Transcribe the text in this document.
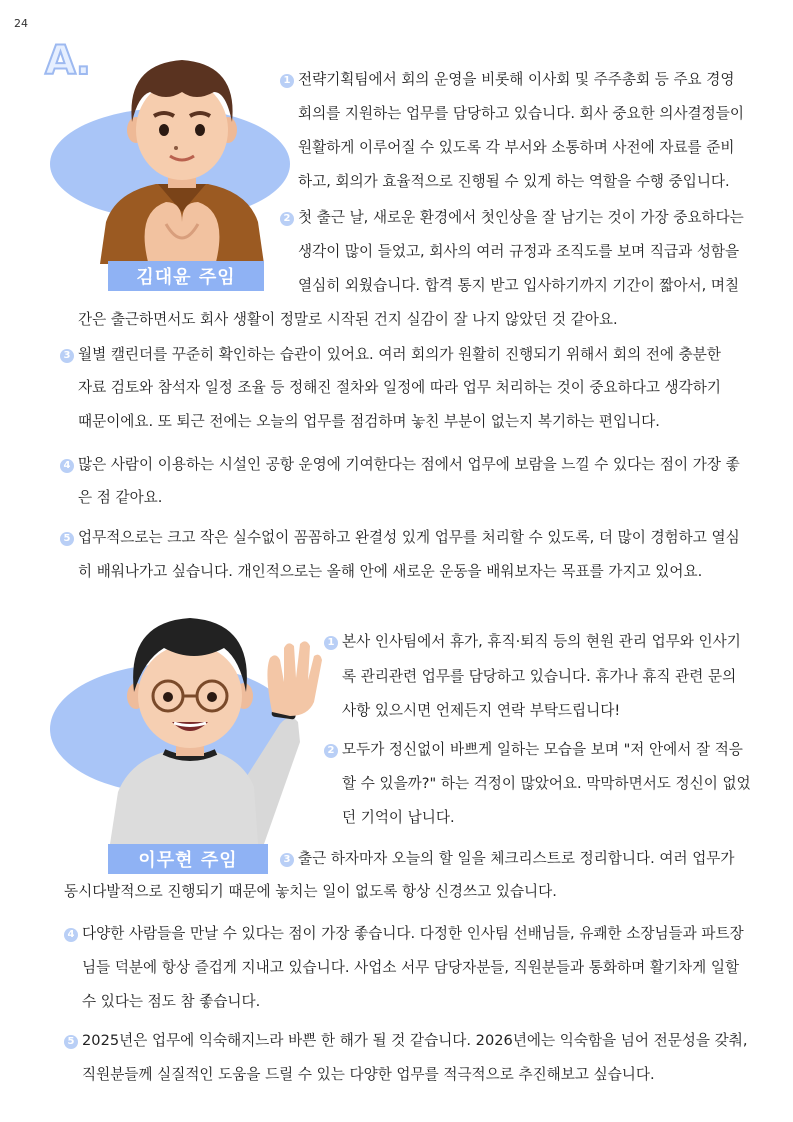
24
A.
김대윤 주임
1 전략기획팀에서 회의 운영을 비롯해 이사회 및 주주총회 등 주요 경영
회의를 지원하는 업무를 담당하고 있습니다. 회사 중요한 의사결정들이
원활하게 이루어질 수 있도록 각 부서와 소통하며 사전에 자료를 준비
하고, 회의가 효율적으로 진행될 수 있게 하는 역할을 수행 중입니다.
2 첫 출근 날, 새로운 환경에서 첫인상을 잘 남기는 것이 가장 중요하다는
생각이 많이 들었고, 회사의 여러 규정과 조직도를 보며 직급과 성함을
열심히 외웠습니다. 합격 통지 받고 입사하기까지 기간이 짧아서, 며칠
간은 출근하면서도 회사 생활이 정말로 시작된 건지 실감이 잘 나지 않았던 것 같아요.
3 월별 캘린더를 꾸준히 확인하는 습관이 있어요. 여러 회의가 원활히 진행되기 위해서 회의 전에 충분한
자료 검토와 참석자 일정 조율 등 정해진 절차와 일정에 따라 업무 처리하는 것이 중요하다고 생각하기
때문이에요. 또 퇴근 전에는 오늘의 업무를 점검하며 놓친 부분이 없는지 복기하는 편입니다.
4 많은 사람이 이용하는 시설인 공항 운영에 기여한다는 점에서 업무에 보람을 느낄 수 있다는 점이 가장 좋
은 점 같아요.
5 업무적으로는 크고 작은 실수없이 꼼꼼하고 완결성 있게 업무를 처리할 수 있도록, 더 많이 경험하고 열심
히 배워나가고 싶습니다. 개인적으로는 올해 안에 새로운 운동을 배워보자는 목표를 가지고 있어요.
이무현 주임
1 본사 인사팀에서 휴가, 휴직·퇴직 등의 현원 관리 업무와 인사기
록 관리관련 업무를 담당하고 있습니다. 휴가나 휴직 관련 문의
사항 있으시면 언제든지 연락 부탁드립니다!
2 모두가 정신없이 바쁘게 일하는 모습을 보며 "저 안에서 잘 적응
할 수 있을까?" 하는 걱정이 많았어요. 막막하면서도 정신이 없었
던 기억이 납니다.
3 출근 하자마자 오늘의 할 일을 체크리스트로 정리합니다. 여러 업무가
동시다발적으로 진행되기 때문에 놓치는 일이 없도록 항상 신경쓰고 있습니다.
4 다양한 사람들을 만날 수 있다는 점이 가장 좋습니다. 다정한 인사팀 선배님들, 유쾌한 소장님들과 파트장
님들 덕분에 항상 즐겁게 지내고 있습니다. 사업소 서무 담당자분들, 직원분들과 통화하며 활기차게 일할
수 있다는 점도 참 좋습니다.
5 2025년은 업무에 익숙해지느라 바쁜 한 해가 될 것 같습니다. 2026년에는 익숙함을 넘어 전문성을 갖춰,
직원분들께 실질적인 도움을 드릴 수 있는 다양한 업무를 적극적으로 추진해보고 싶습니다.
